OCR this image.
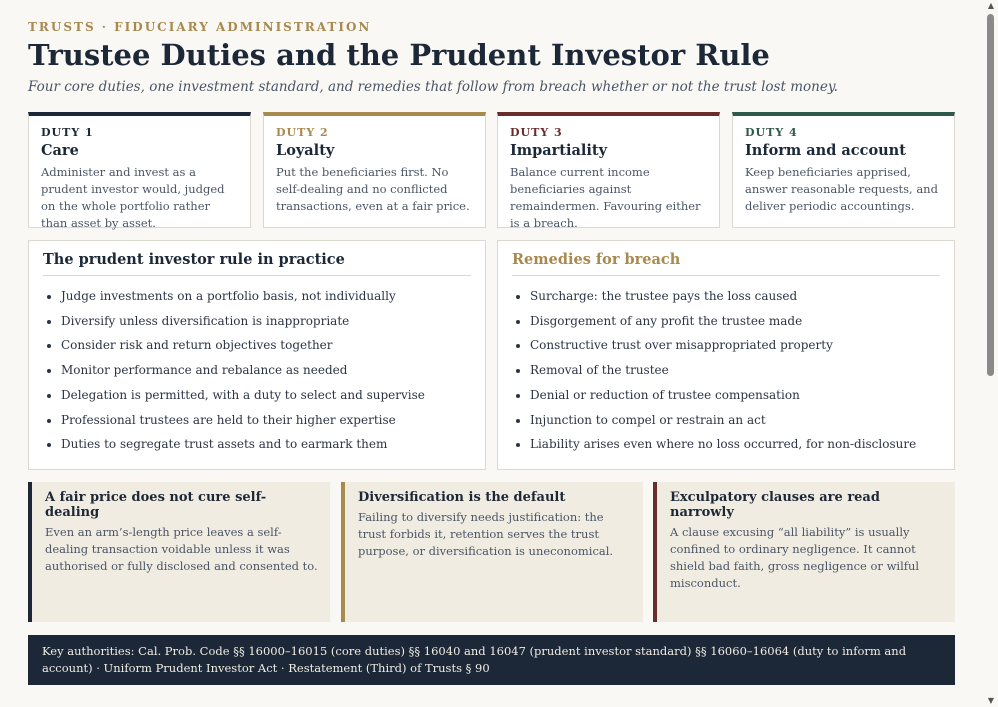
TRUSTS · FIDUCIARY ADMINISTRATION
Trustee Duties and the Prudent Investor Rule

Four core duties, one investment standard, and remedies that follow from breach whether or not the trust lost money.

DUTY 1
Care
Administer and invest as a prudent investor would, judged on the whole portfolio rather than asset by asset.
DUTY 2
Loyalty
Put the beneficiaries first. No self-dealing and no conflicted transactions, even at a fair price.
DUTY 3
Impartiality
Balance current income beneficiaries against remaindermen. Favouring either is a breach.
DUTY 4
Inform and account
Keep beneficiaries apprised, answer reasonable requests, and deliver periodic accountings.
The prudent investor rule in practice
• Judge investments on a portfolio basis, not individually
• Diversify unless diversification is inappropriate
• Consider risk and return objectives together
• Monitor performance and rebalance as needed
• Delegation is permitted, with a duty to select and supervise
• Professional trustees are held to their higher expertise
• Duties to segregate trust assets and to earmark them
Remedies for breach
• Surcharge: the trustee pays the loss caused
• Disgorgement of any profit the trustee made
• Constructive trust over misappropriated property
• Removal of the trustee
• Denial or reduction of trustee compensation
• Injunction to compel or restrain an act
• Liability arises even where no loss occurred, for non-disclosure
A fair price does not cure self-dealing
Even an arm’s-length price leaves a self-dealing transaction voidable unless it was authorised or fully disclosed and consented to.
Diversification is the default
Failing to diversify needs justification: the trust forbids it, retention serves the trust purpose, or diversification is uneconomical.
Exculpatory clauses are read narrowly
A clause excusing “all liability” is usually confined to ordinary negligence. It cannot shield bad faith, gross negligence or wilful misconduct.
Key authorities: Cal. Prob. Code §§ 16000–16015 (core duties) §§ 16040 and 16047 (prudent investor standard) §§ 16060–16064 (duty to inform and account) · Uniform Prudent Investor Act · Restatement (Third) of Trusts § 90
▲
▼
